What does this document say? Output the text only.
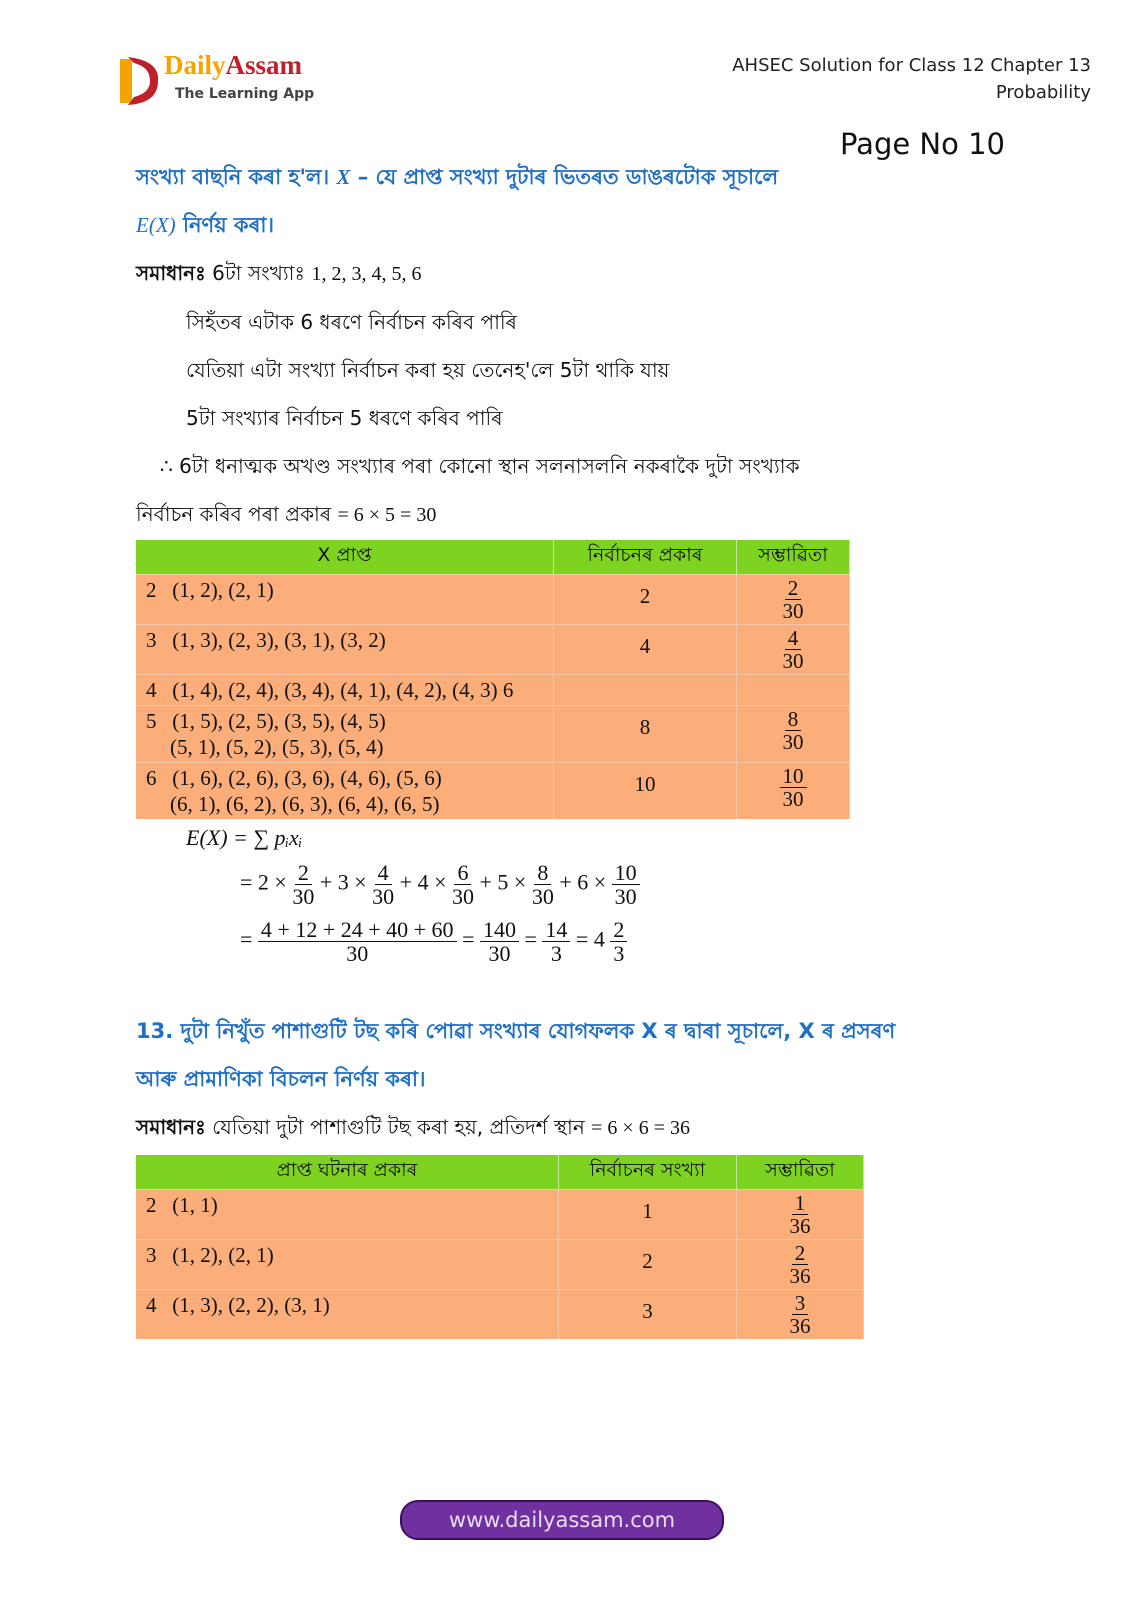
DailyAssam
The Learning App
AHSEC Solution for Class 12 Chapter 13
Probability
Page No 10
সংখ্যা বাছনি কৰা হ'ল। X – যে প্ৰাপ্ত সংখ্যা দুটাৰ ভিতৰত ডাঙৰটোক সূচালে
E(X) নিৰ্ণয় কৰা।
সমাধানঃ 6টা সংখ্যাঃ 1, 2, 3, 4, 5, 6
সিহঁতৰ এটাক 6 ধৰণে নিৰ্বাচন কৰিব পাৰি
যেতিয়া এটা সংখ্যা নিৰ্বাচন কৰা হয় তেনেহ'লে 5টা থাকি যায়
5টা সংখ্যাৰ নিৰ্বাচন 5 ধৰণে কৰিব পাৰি
∴ 6টা ধনাত্মক অখণ্ড সংখ্যাৰ পৰা কোনো স্থান সলনাসলনি নকৰাকৈ দুটা সংখ্যাক
নিৰ্বাচন কৰিব পৰা প্ৰকাৰ = 6 × 5 = 30
X প্ৰাপ্ত	নিৰ্বাচনৰ প্ৰকাৰ	সম্ভাৱিতা
2 (1, 2), (2, 1)	2	$\frac{2}{30}$

3 (1, 3), (2, 3), (3, 1), (3, 2)	4	$\frac{4}{30}$

4 (1, 4), (2, 4), (3, 4), (4, 1), (4, 2), (4, 3) 6		
5 (1, 5), (2, 5), (3, 5), (4, 5)
(5, 1), (5, 2), (5, 3), (5, 4)	8	$\frac{8}{30}$

6 (1, 6), (2, 6), (3, 6), (4, 6), (5, 6)
(6, 1), (6, 2), (6, 3), (6, 4), (6, 5)	10	$\frac{10}{30}$
E(X) = ∑ pᵢxᵢ
= $2 \times \frac{2}{30} + 3 \times \frac{4}{30} + 4 \times \frac{6}{30} + 5 \times \frac{8}{30} + 6 \times \frac{10}{30}$
= $\frac{4 + 12 + 24 + 40 + 60}{30} = \frac{140}{30} = \frac{14}{3} = 4 \frac{2}{3}$
13. দুটা নিখুঁত পাশাগুটি টছ কৰি পোৱা সংখ্যাৰ যোগফলক X ৰ দ্বাৰা সূচালে, X ৰ প্ৰসৰণ
আৰু প্ৰামাণিকা বিচলন নিৰ্ণয় কৰা।
সমাধানঃ যেতিয়া দুটা পাশাগুটি টছ কৰা হয়, প্ৰতিদৰ্শ স্থান = 6 × 6 = 36
প্ৰাপ্ত ঘটনাৰ প্ৰকাৰ	নিৰ্বাচনৰ সংখ্যা	সম্ভাৱিতা
2 (1, 1)	1	$\frac{1}{36}$

3 (1, 2), (2, 1)	2	$\frac{2}{36}$

4 (1, 3), (2, 2), (3, 1)	3	$\frac{3}{36}$
www.dailyassam.com
